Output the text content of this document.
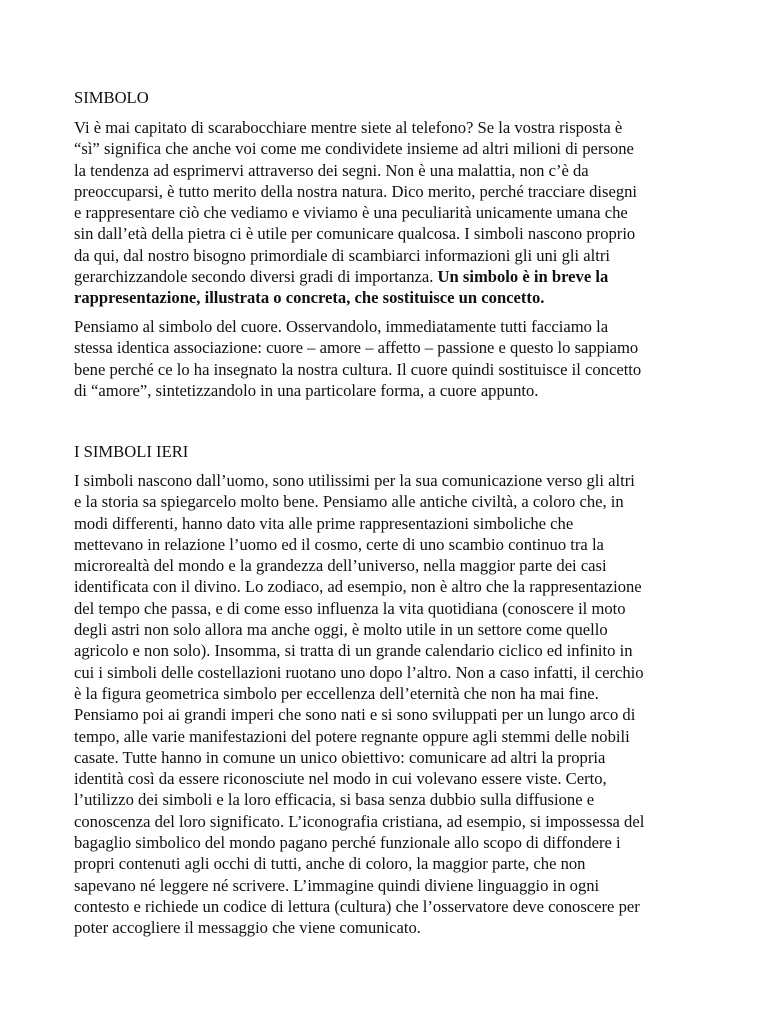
SIMBOLO
Vi è mai capitato di scarabocchiare mentre siete al telefono? Se la vostra risposta è
“sì” significa che anche voi come me condividete insieme ad altri milioni di persone
la tendenza ad esprimervi attraverso dei segni. Non è una malattia, non c’è da
preoccuparsi, è tutto merito della nostra natura. Dico merito, perché tracciare disegni
e rappresentare ciò che vediamo e viviamo è una peculiarità unicamente umana che
sin dall’età della pietra ci è utile per comunicare qualcosa. I simboli nascono proprio
da qui, dal nostro bisogno primordiale di scambiarci informazioni gli uni gli altri
gerarchizzandole secondo diversi gradi di importanza. Un simbolo è in breve la
rappresentazione, illustrata o concreta, che sostituisce un concetto.
Pensiamo al simbolo del cuore. Osservandolo, immediatamente tutti facciamo la
stessa identica associazione: cuore – amore – affetto – passione e questo lo sappiamo
bene perché ce lo ha insegnato la nostra cultura. Il cuore quindi sostituisce il concetto
di “amore”, sintetizzandolo in una particolare forma, a cuore appunto.
I SIMBOLI IERI
I simboli nascono dall’uomo, sono utilissimi per la sua comunicazione verso gli altri
e la storia sa spiegarcelo molto bene. Pensiamo alle antiche civiltà, a coloro che, in
modi differenti, hanno dato vita alle prime rappresentazioni simboliche che
mettevano in relazione l’uomo ed il cosmo, certe di uno scambio continuo tra la
microrealtà del mondo e la grandezza dell’universo, nella maggior parte dei casi
identificata con il divino. Lo zodiaco, ad esempio, non è altro che la rappresentazione
del tempo che passa, e di come esso influenza la vita quotidiana (conoscere il moto
degli astri non solo allora ma anche oggi, è molto utile in un settore come quello
agricolo e non solo). Insomma, si tratta di un grande calendario ciclico ed infinito in
cui i simboli delle costellazioni ruotano uno dopo l’altro. Non a caso infatti, il cerchio
è la figura geometrica simbolo per eccellenza dell’eternità che non ha mai fine.
Pensiamo poi ai grandi imperi che sono nati e si sono sviluppati per un lungo arco di
tempo, alle varie manifestazioni del potere regnante oppure agli stemmi delle nobili
casate. Tutte hanno in comune un unico obiettivo: comunicare ad altri la propria
identità così da essere riconosciute nel modo in cui volevano essere viste. Certo,
l’utilizzo dei simboli e la loro efficacia, si basa senza dubbio sulla diffusione e
conoscenza del loro significato. L’iconografia cristiana, ad esempio, si impossessa del
bagaglio simbolico del mondo pagano perché funzionale allo scopo di diffondere i
propri contenuti agli occhi di tutti, anche di coloro, la maggior parte, che non
sapevano né leggere né scrivere. L’immagine quindi diviene linguaggio in ogni
contesto e richiede un codice di lettura (cultura) che l’osservatore deve conoscere per
poter accogliere il messaggio che viene comunicato.
